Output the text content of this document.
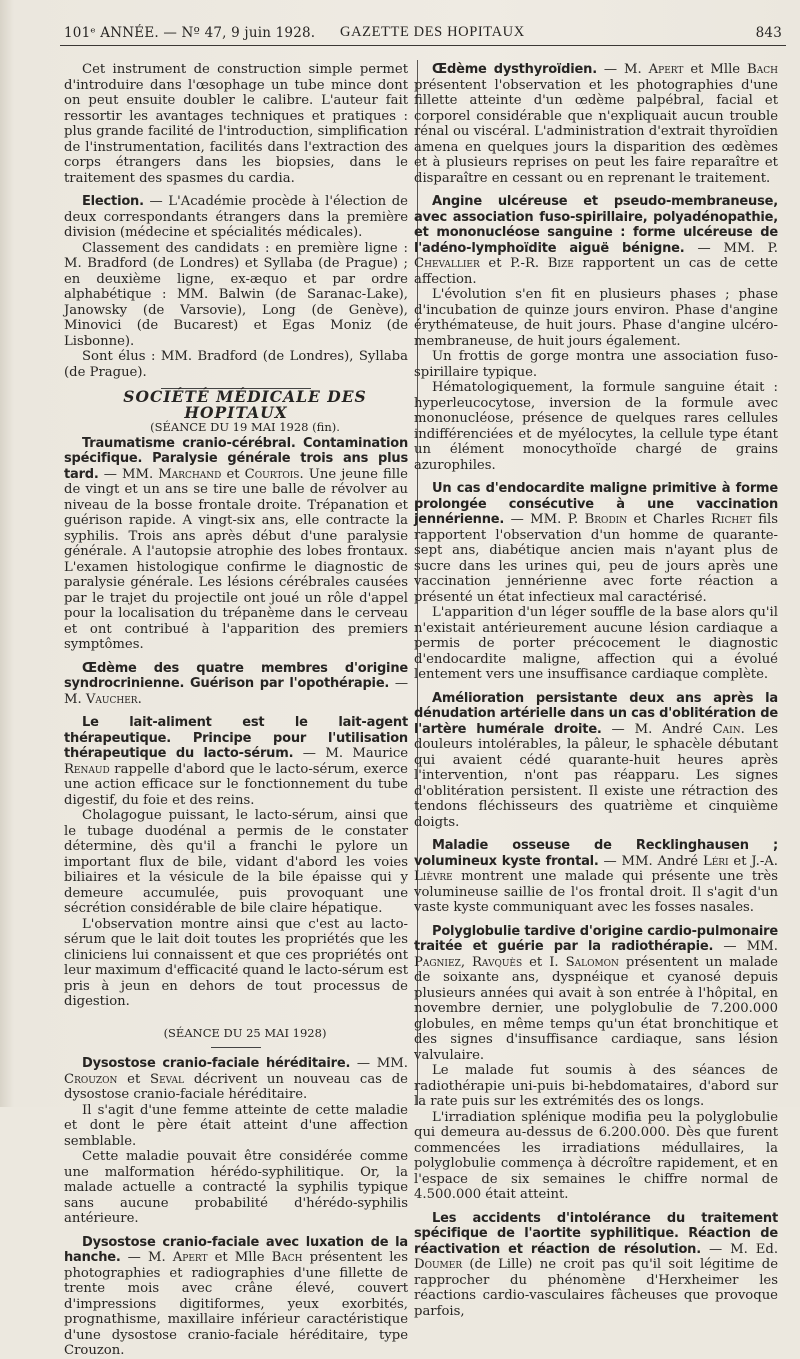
101ᵉ ANNÉE. — Nº 47, 9 juin 1928. GAZETTE DES HOPITAUX	843

Cet instrument de construction simple permet d'introduire dans l'œsophage un tube mince dont on peut ensuite doubler le calibre. L'auteur fait ressortir les avantages techniques et pratiques : plus grande facilité de l'introduction, simplification de l'instrumentation, facilités dans l'extraction des corps étrangers dans les biopsies, dans le traitement des spasmes du cardia.

Election. — L'Académie procède à l'élection de deux correspondants étrangers dans la première division (médecine et spécialités médicales).

Classement des candidats : en première ligne : M. Bradford (de Londres) et Syllaba (de Prague) ; en deuxième ligne, ex-æquo et par ordre alphabétique : MM. Balwin (de Saranac-Lake), Janowsky (de Varsovie), Long (de Genève), Minovici (de Bucarest) et Egas Moniz (de Lisbonne).

Sont élus : MM. Bradford (de Londres), Syllaba (de Prague).

SOCIÉTÉ MÉDICALE DES HOPITAUX

(SÉANCE DU 19 MAI 1928 (fin).

Traumatisme cranio-cérébral. Contamination spécifique. Paralysie générale trois ans plus tard. — MM. Marchand et Courtois. Une jeune fille de vingt et un ans se tire une balle de révolver au niveau de la bosse frontale droite. Trépanation et guérison rapide. A vingt-six ans, elle contracte la syphilis. Trois ans après début d'une paralysie générale. A l'autopsie atrophie des lobes frontaux. L'examen histologique confirme le diagnostic de paralysie générale. Les lésions cérébrales causées par le trajet du projectile ont joué un rôle d'appel pour la localisation du trépanème dans le cerveau et ont contribué à l'apparition des premiers symptômes.

Œdème des quatre membres d'origine syndrocrinienne. Guérison par l'opothérapie. — M. Vaucher.

Le lait-aliment est le lait-agent thérapeutique. Principe pour l'utilisation thérapeutique du lacto-sérum. — M. Maurice Renaud rappelle d'abord que le lacto-sérum, exerce une action efficace sur le fonctionnement du tube digestif, du foie et des reins.

Cholagogue puissant, le lacto-sérum, ainsi que le tubage duodénal a permis de le constater détermine, dès qu'il a franchi le pylore un important flux de bile, vidant d'abord les voies biliaires et la vésicule de la bile épaisse qui y demeure accumulée, puis provoquant une sécrétion considérable de bile claire hépatique.

L'observation montre ainsi que c'est au lacto-sérum que le lait doit toutes les propriétés que les cliniciens lui connaissent et que ces propriétés ont leur maximum d'efficacité quand le lacto-sérum est pris à jeun en dehors de tout processus de digestion.

(SÉANCE DU 25 MAI 1928)

Dysostose cranio-faciale héréditaire. — MM. Crouzon et Seval décrivent un nouveau cas de dysostose cranio-faciale héréditaire.

Il s'agit d'une femme atteinte de cette maladie et dont le père était atteint d'une affection semblable.

Cette maladie pouvait être considérée comme une malformation hérédo-syphilitique. Or, la malade actuelle a contracté la syphilis typique sans aucune probabilité d'hérédo-syphilis antérieure.

Dysostose cranio-faciale avec luxation de la hanche. — M. Apert et Mlle Bach présentent les photographies et radiographies d'une fillette de trente mois avec crâne élevé, couvert d'impressions digitiformes, yeux exorbités, prognathisme, maxillaire inférieur caractéristique d'une dysostose cranio-faciale héréditaire, type Crouzon.

Œdème dysthyroïdien. — M. Apert et Mlle Bach présentent l'observation et les photographies d'une fillette atteinte d'un œdème palpébral, facial et corporel considérable que n'expliquait aucun trouble rénal ou viscéral. L'administration d'extrait thyroïdien amena en quelques jours la disparition des œdèmes et à plusieurs reprises on peut les faire reparaître et disparaître en cessant ou en reprenant le traitement.

Angine ulcéreuse et pseudo-membraneuse, avec association fuso-spirillaire, polyadénopathie, et mononucléose sanguine : forme ulcéreuse de l'adéno-lymphoïdite aiguë bénigne. — MM. P. Chevallier et P.-R. Bize rapportent un cas de cette affection.

L'évolution s'en fit en plusieurs phases ; phase d'incubation de quinze jours environ. Phase d'angine érythémateuse, de huit jours. Phase d'angine ulcéro-membraneuse, de huit jours également.

Un frottis de gorge montra une association fuso-spirillaire typique.

Hématologiquement, la formule sanguine était : hyperleucocytose, inversion de la formule avec mononucléose, présence de quelques rares cellules indifférenciées et de myélocytes, la cellule type étant un élément monocythoïde chargé de grains azurophiles.

Un cas d'endocardite maligne primitive à forme prolongée consécutive à une vaccination jennérienne. — MM. P. Brodin et Charles Richet fils rapportent l'observation d'un homme de quarante-sept ans, diabétique ancien mais n'ayant plus de sucre dans les urines qui, peu de jours après une vaccination jennérienne avec forte réaction a présenté un état infectieux mal caractérisé.

L'apparition d'un léger souffle de la base alors qu'il n'existait antérieurement aucune lésion cardiaque a permis de porter précocement le diagnostic d'endocardite maligne, affection qui a évolué lentement vers une insuffisance cardiaque complète.

Amélioration persistante deux ans après la dénudation artérielle dans un cas d'oblitération de l'artère humérale droite. — M. André Cain. Les douleurs intolérables, la pâleur, le sphacèle débutant qui avaient cédé quarante-huit heures après l'intervention, n'ont pas réapparu. Les signes d'oblitération persistent. Il existe une rétraction des tendons fléchisseurs des quatrième et cinquième doigts.

Maladie osseuse de Recklinghausen ; volumineux kyste frontal. — MM. André Léri et J.-A. Lièvre montrent une malade qui présente une très volumineuse saillie de l'os frontal droit. Il s'agit d'un vaste kyste communiquant avec les fosses nasales.

Polyglobulie tardive d'origine cardio-pulmonaire traitée et guérie par la radiothérapie. — MM. Pagniez, Ravquès et I. Salomon présentent un malade de soixante ans, dyspnéique et cyanosé depuis plusieurs années qui avait à son entrée à l'hôpital, en novembre dernier, une polyglobulie de 7.200.000 globules, en même temps qu'un état bronchitique et des signes d'insuffisance cardiaque, sans lésion valvulaire.

Le malade fut soumis à des séances de radiothérapie uni-puis bi-hebdomataires, d'abord sur la rate puis sur les extrémités des os longs.

L'irradiation splénique modifia peu la polyglobulie qui demeura au-dessus de 6.200.000. Dès que furent commencées les irradiations médullaires, la polyglobulie commença à décroître rapidement, et en l'espace de six semaines le chiffre normal de 4.500.000 était atteint.

Les accidents d'intolérance du traitement spécifique de l'aortite syphilitique. Réaction de réactivation et réaction de résolution. — M. Ed. Doumer (de Lille) ne croit pas qu'il soit légitime de rapprocher du phénomène d'Herxheimer les réactions cardio-vasculaires fâcheuses que provoque parfois,
